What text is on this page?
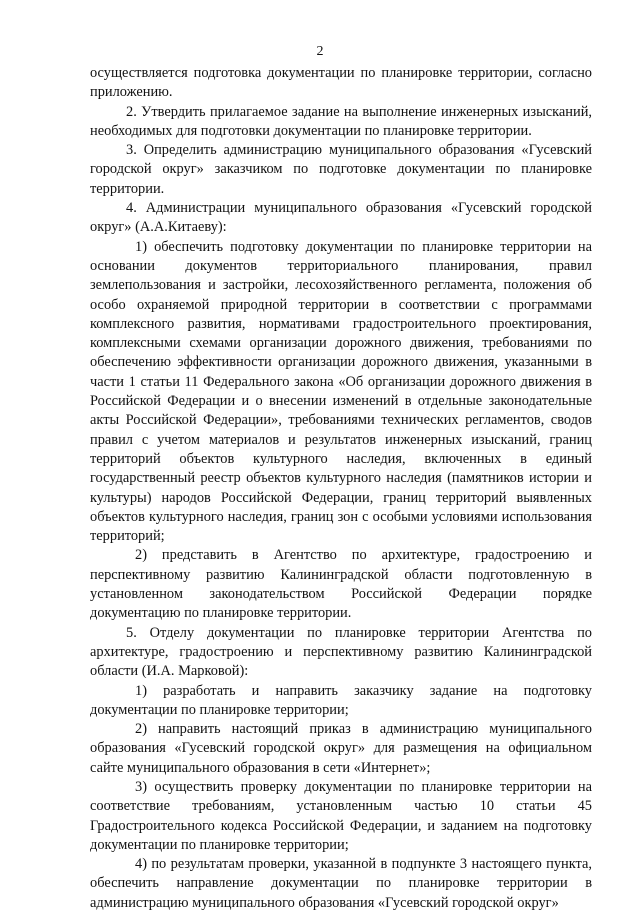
2

осуществляется подготовка документации по планировке территории, согласно приложению.

2. Утвердить прилагаемое задание на выполнение инженерных изысканий, необходимых для подготовки документации по планировке территории.

3. Определить администрацию муниципального образования «Гусевский городской округ» заказчиком по подготовке документации по планировке территории.

4. Администрации муниципального образования «Гусевский городской округ» (А.А.Китаеву):

1) обеспечить подготовку документации по планировке территории на основании документов территориального планирования, правил землепользования и застройки, лесохозяйственного регламента, положения об особо охраняемой природной территории в соответствии с программами комплексного развития, нормативами градостроительного проектирования, комплексными схемами организации дорожного движения, требованиями по обеспечению эффективности организации дорожного движения, указанными в части 1 статьи 11 Федерального закона «Об организации дорожного движения в Российской Федерации и о внесении изменений в отдельные законодательные акты Российской Федерации», требованиями технических регламентов, сводов правил с учетом материалов и результатов инженерных изысканий, границ территорий объектов культурного наследия, включенных в единый государственный реестр объектов культурного наследия (памятников истории и культуры) народов Российской Федерации, границ территорий выявленных объектов культурного наследия, границ зон с особыми условиями использования территорий;

2) представить в Агентство по архитектуре, градостроению и перспективному развитию Калининградской области подготовленную в установленном законодательством Российской Федерации порядке документацию по планировке территории.

5. Отделу документации по планировке территории Агентства по архитектуре, градостроению и перспективному развитию Калининградской области (И.А. Марковой):

1) разработать и направить заказчику задание на подготовку документации по планировке территории;

2) направить настоящий приказ в администрацию муниципального образования «Гусевский городской округ» для размещения на официальном сайте муниципального образования в сети «Интернет»;

3) осуществить проверку документации по планировке территории на соответствие требованиям, установленным частью 10 статьи 45 Градостроительного кодекса Российской Федерации, и заданием на подготовку документации по планировке территории;

4) по результатам проверки, указанной в подпункте 3 настоящего пункта, обеспечить направление документации по планировке территории в администрацию муниципального образования «Гусевский городской округ»
